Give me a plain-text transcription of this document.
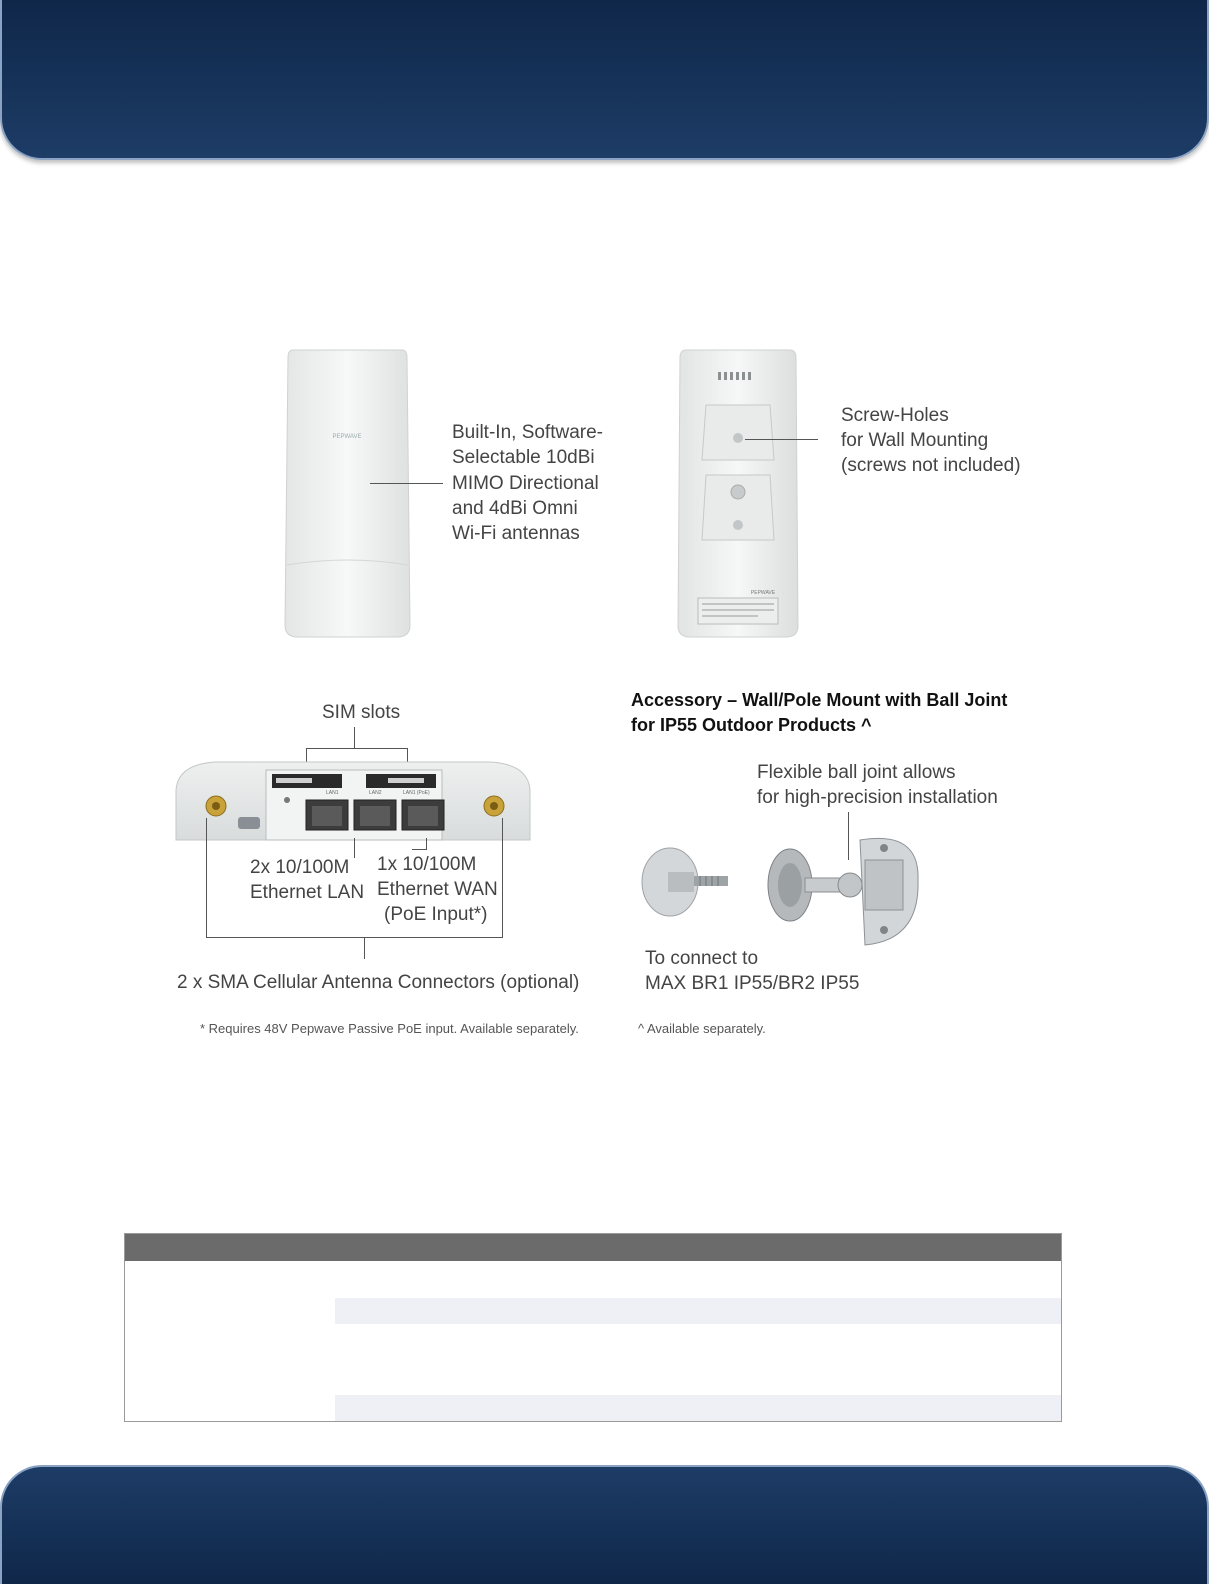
PEPWAVE	Built-In, Software-
Selectable 10dBi
MIMO Directional
and 4dBi Omni
Wi-Fi antennas
PEPWAVE
Screw-Holes
for Wall Mounting
(screws not included)
SIM slots
LAN1	LAN2	LAN1 (PoE)
2x 10/100M
Ethernet LAN
1x 10/100M
Ethernet WAN
(PoE Input*)
2 x SMA Cellular Antenna Connectors (optional)
* Requires 48V Pepwave Passive PoE input. Available separately.
Accessory – Wall/Pole Mount with Ball Joint
for IP55 Outdoor Products ^
Flexible ball joint allows
for high-precision installation
To connect to
MAX BR1 IP55/BR2 IP55
^ Available separately.
